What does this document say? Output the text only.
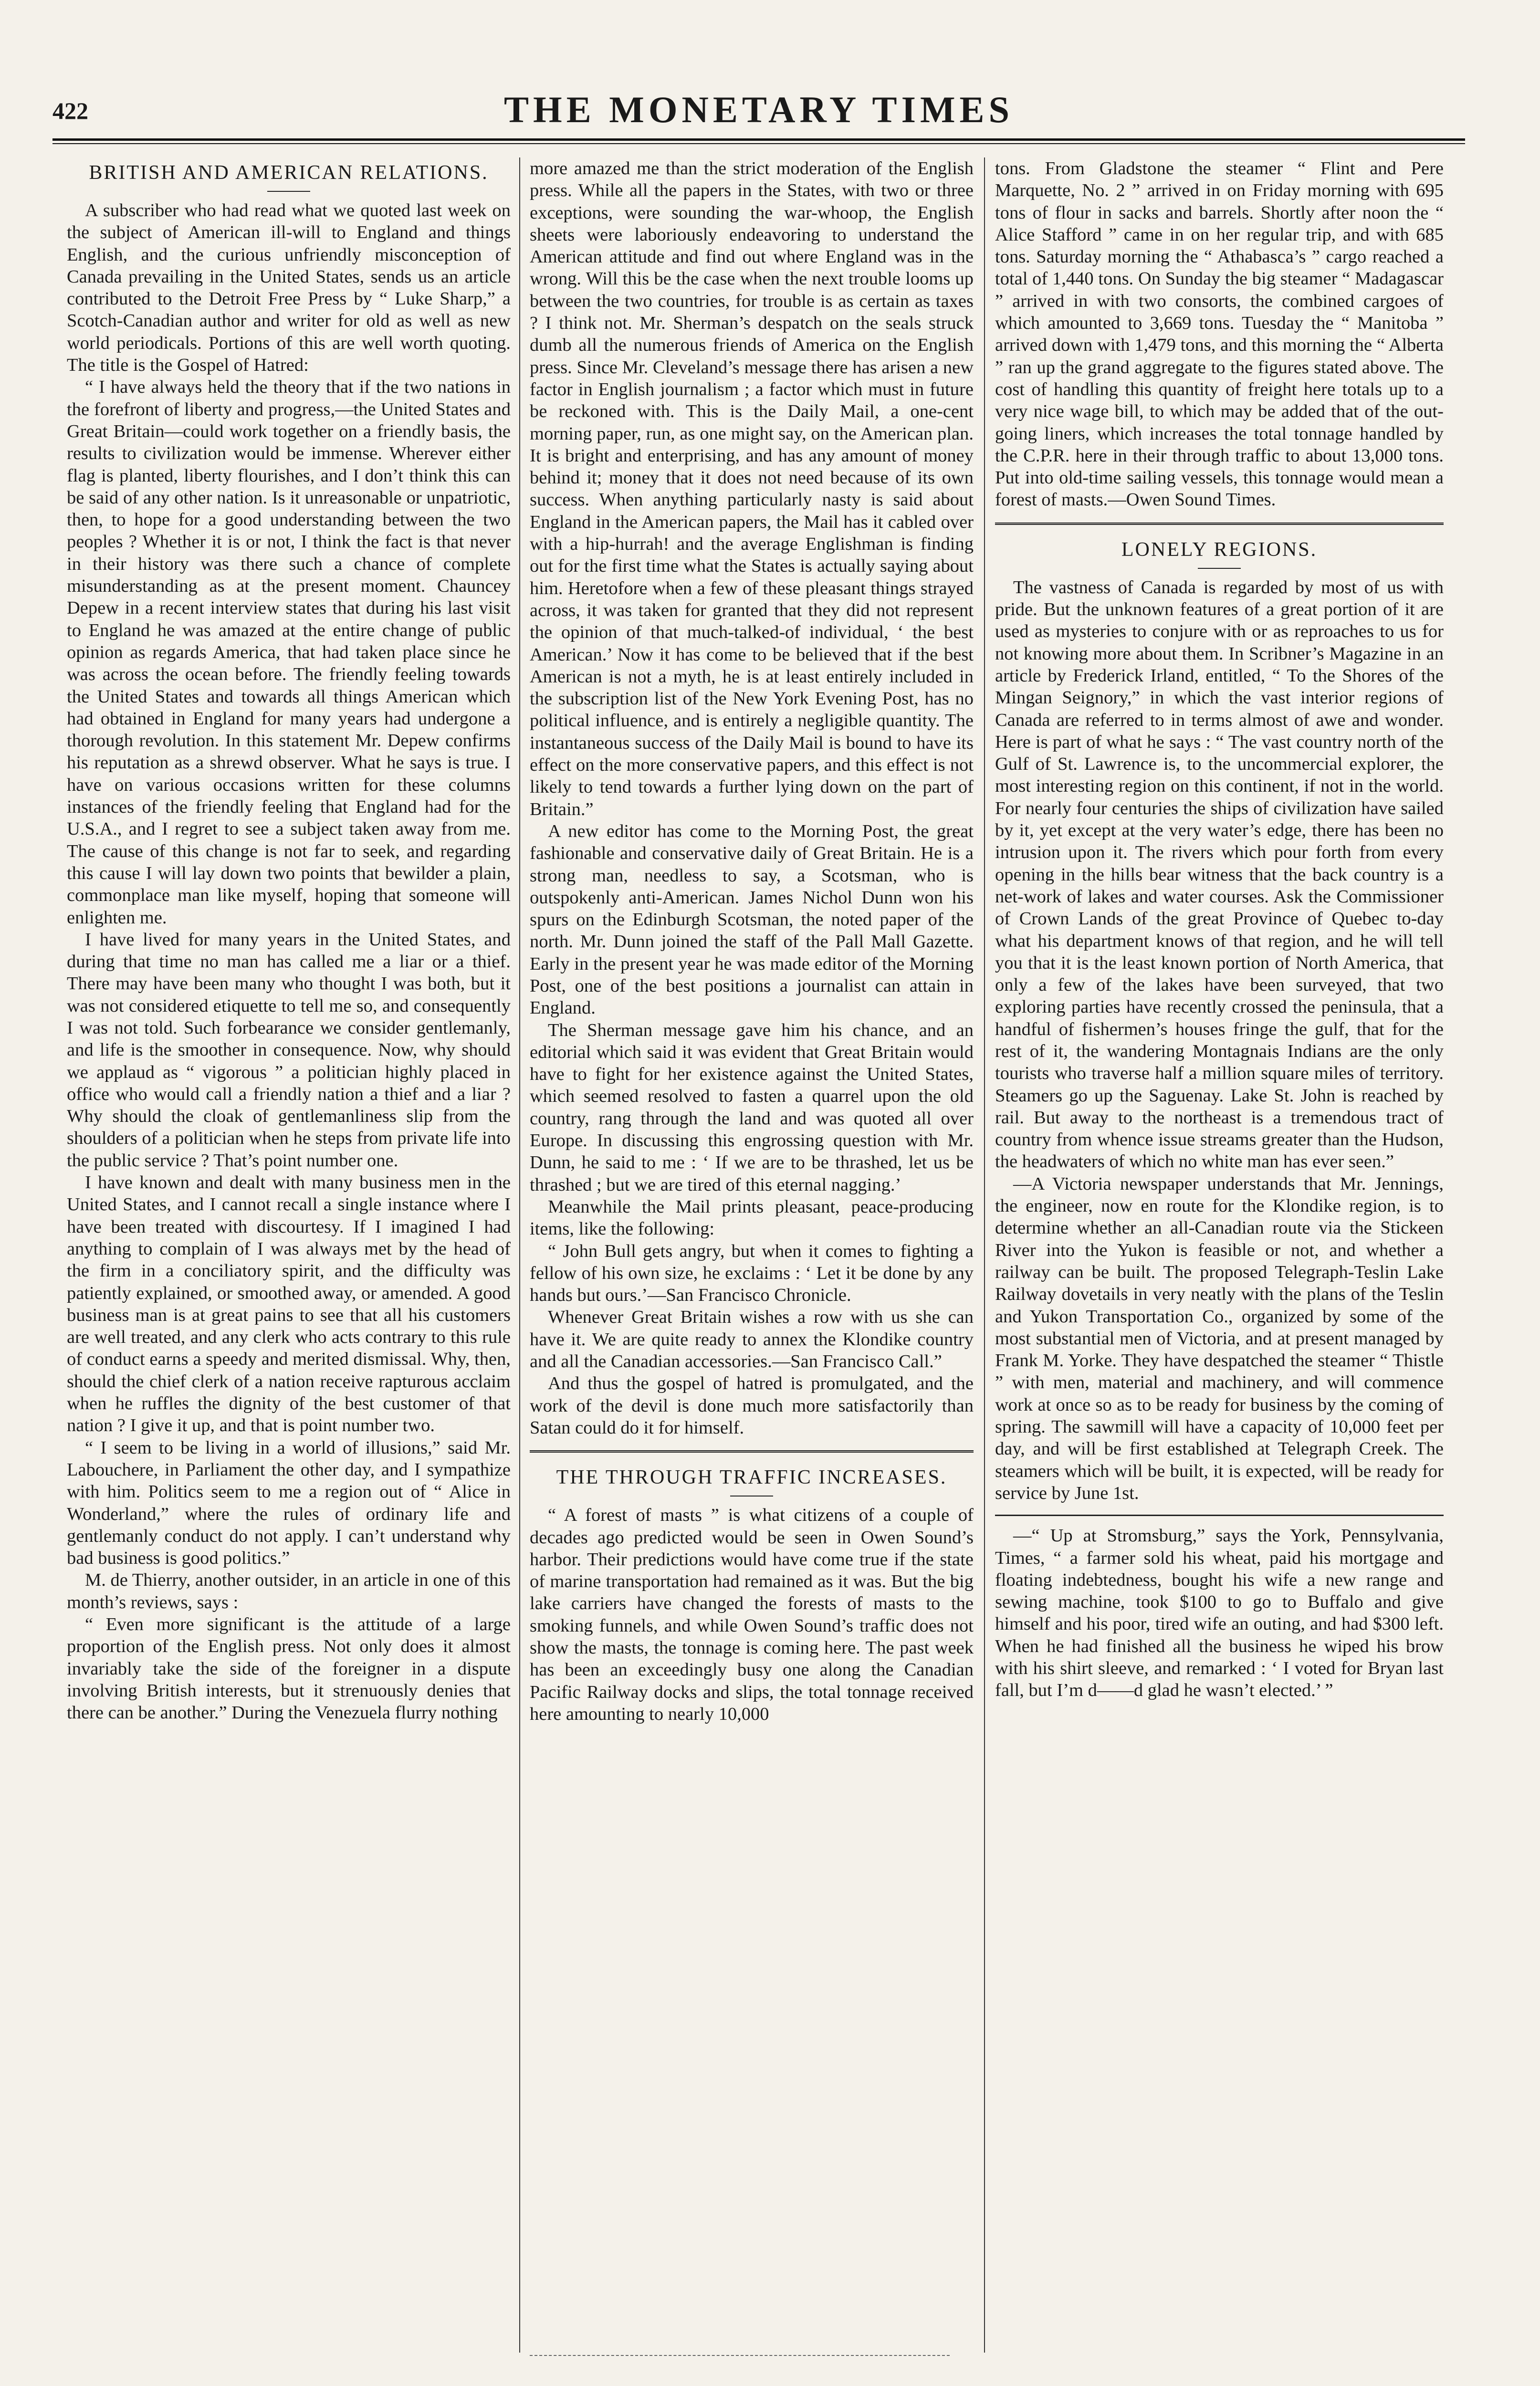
422	THE MONETARY TIMES
BRITISH AND AMERICAN RELATIONS.

A subscriber who had read what we quoted last week on the subject of American ill-will to England and things English, and the curious unfriendly misconception of Canada prevailing in the United States, sends us an article contributed to the Detroit Free Press by “ Luke Sharp,” a Scotch-Canadian author and writer for old as well as new world periodicals. Portions of this are well worth quoting. The title is the Gospel of Hatred:

“ I have always held the theory that if the two nations in the forefront of liberty and progress,—the United States and Great Britain—could work together on a friendly basis, the results to civilization would be immense. Wherever either flag is planted, liberty flourishes, and I don’t think this can be said of any other nation. Is it unreasonable or unpatriotic, then, to hope for a good understanding between the two peoples ? Whether it is or not, I think the fact is that never in their history was there such a chance of complete misunderstanding as at the present moment. Chauncey Depew in a recent interview states that during his last visit to England he was amazed at the entire change of public opinion as regards America, that had taken place since he was across the ocean before. The friendly feeling towards the United States and towards all things American which had obtained in England for many years had undergone a thorough revolution. In this statement Mr. Depew confirms his reputation as a shrewd observer. What he says is true. I have on various occasions written for these columns instances of the friendly feeling that England had for the U.S.A., and I regret to see a subject taken away from me. The cause of this change is not far to seek, and regarding this cause I will lay down two points that bewilder a plain, commonplace man like myself, hoping that someone will enlighten me.

I have lived for many years in the United States, and during that time no man has called me a liar or a thief. There may have been many who thought I was both, but it was not considered etiquette to tell me so, and consequently I was not told. Such forbearance we consider gentlemanly, and life is the smoother in consequence. Now, why should we applaud as “ vigorous ” a politician highly placed in office who would call a friendly nation a thief and a liar ? Why should the cloak of gentlemanliness slip from the shoulders of a politician when he steps from private life into the public service ? That’s point number one.

I have known and dealt with many business men in the United States, and I cannot recall a single instance where I have been treated with discourtesy. If I imagined I had anything to complain of I was always met by the head of the firm in a conciliatory spirit, and the difficulty was patiently explained, or smoothed away, or amended. A good business man is at great pains to see that all his customers are well treated, and any clerk who acts contrary to this rule of conduct earns a speedy and merited dismissal. Why, then, should the chief clerk of a nation receive rapturous acclaim when he ruffles the dignity of the best customer of that nation ? I give it up, and that is point number two.

“ I seem to be living in a world of illusions,” said Mr. Labouchere, in Parliament the other day, and I sympathize with him. Politics seem to me a region out of “ Alice in Wonderland,” where the rules of ordinary life and gentlemanly conduct do not apply. I can’t understand why bad business is good politics.”

M. de Thierry, another outsider, in an article in one of this month’s reviews, says :

“ Even more significant is the attitude of a large proportion of the English press. Not only does it almost invariably take the side of the foreigner in a dispute involving British interests, but it strenuously denies that there can be another.” During the Venezuela flurry nothing

more amazed me than the strict moderation of the English press. While all the papers in the States, with two or three exceptions, were sounding the war-whoop, the English sheets were laboriously endeavoring to understand the American attitude and find out where England was in the wrong. Will this be the case when the next trouble looms up between the two countries, for trouble is as certain as taxes ? I think not. Mr. Sherman’s despatch on the seals struck dumb all the numerous friends of America on the English press. Since Mr. Cleveland’s message there has arisen a new factor in English journalism ; a factor which must in future be reckoned with. This is the Daily Mail, a one-cent morning paper, run, as one might say, on the American plan. It is bright and enterprising, and has any amount of money behind it; money that it does not need because of its own success. When anything particularly nasty is said about England in the American papers, the Mail has it cabled over with a hip-hurrah! and the average Englishman is finding out for the first time what the States is actually saying about him. Heretofore when a few of these pleasant things strayed across, it was taken for granted that they did not represent the opinion of that much-talked-of individual, ‘ the best American.’ Now it has come to be believed that if the best American is not a myth, he is at least entirely included in the subscription list of the New York Evening Post, has no political influence, and is entirely a negligible quantity. The instantaneous success of the Daily Mail is bound to have its effect on the more conservative papers, and this effect is not likely to tend towards a further lying down on the part of Britain.”

A new editor has come to the Morning Post, the great fashionable and conservative daily of Great Britain. He is a strong man, needless to say, a Scotsman, who is outspokenly anti-American. James Nichol Dunn won his spurs on the Edinburgh Scotsman, the noted paper of the north. Mr. Dunn joined the staff of the Pall Mall Gazette. Early in the present year he was made editor of the Morning Post, one of the best positions a journalist can attain in England.

The Sherman message gave him his chance, and an editorial which said it was evident that Great Britain would have to fight for her existence against the United States, which seemed resolved to fasten a quarrel upon the old country, rang through the land and was quoted all over Europe. In discussing this engrossing question with Mr. Dunn, he said to me : ‘ If we are to be thrashed, let us be thrashed ; but we are tired of this eternal nagging.’

Meanwhile the Mail prints pleasant, peace-producing items, like the following:

“ John Bull gets angry, but when it comes to fighting a fellow of his own size, he exclaims : ‘ Let it be done by any hands but ours.’—San Francisco Chronicle.

Whenever Great Britain wishes a row with us she can have it. We are quite ready to annex the Klondike country and all the Canadian accessories.—San Francisco Call.”

And thus the gospel of hatred is promulgated, and the work of the devil is done much more satisfactorily than Satan could do it for himself.

THE THROUGH TRAFFIC INCREASES.

“ A forest of masts ” is what citizens of a couple of decades ago predicted would be seen in Owen Sound’s harbor. Their predictions would have come true if the state of marine transportation had remained as it was. But the big lake carriers have changed the forests of masts to the smoking funnels, and while Owen Sound’s traffic does not show the masts, the tonnage is coming here. The past week has been an exceedingly busy one along the Canadian Pacific Railway docks and slips, the total tonnage received here amounting to nearly 10,000

tons. From Gladstone the steamer “ Flint and Pere Marquette, No. 2 ” arrived in on Friday morning with 695 tons of flour in sacks and barrels. Shortly after noon the “ Alice Stafford ” came in on her regular trip, and with 685 tons. Saturday morning the “ Athabasca’s ” cargo reached a total of 1,440 tons. On Sunday the big steamer “ Madagascar ” arrived in with two consorts, the combined cargoes of which amounted to 3,669 tons. Tuesday the “ Manitoba ” arrived down with 1,479 tons, and this morning the “ Alberta ” ran up the grand aggregate to the figures stated above. The cost of handling this quantity of freight here totals up to a very nice wage bill, to which may be added that of the out-going liners, which increases the total tonnage handled by the C.P.R. here in their through traffic to about 13,000 tons. Put into old-time sailing vessels, this tonnage would mean a forest of masts.—Owen Sound Times.

LONELY REGIONS.

The vastness of Canada is regarded by most of us with pride. But the unknown features of a great portion of it are used as mysteries to conjure with or as reproaches to us for not knowing more about them. In Scribner’s Magazine in an article by Frederick Irland, entitled, “ To the Shores of the Mingan Seignory,” in which the vast interior regions of Canada are referred to in terms almost of awe and wonder. Here is part of what he says : “ The vast country north of the Gulf of St. Lawrence is, to the uncommercial explorer, the most interesting region on this continent, if not in the world. For nearly four centuries the ships of civilization have sailed by it, yet except at the very water’s edge, there has been no intrusion upon it. The rivers which pour forth from every opening in the hills bear witness that the back country is a net-work of lakes and water courses. Ask the Commissioner of Crown Lands of the great Province of Quebec to-day what his department knows of that region, and he will tell you that it is the least known portion of North America, that only a few of the lakes have been surveyed, that two exploring parties have recently crossed the peninsula, that a handful of fishermen’s houses fringe the gulf, that for the rest of it, the wandering Montagnais Indians are the only tourists who traverse half a million square miles of territory. Steamers go up the Saguenay. Lake St. John is reached by rail. But away to the northeast is a tremendous tract of country from whence issue streams greater than the Hudson, the headwaters of which no white man has ever seen.”

—A Victoria newspaper understands that Mr. Jennings, the engineer, now en route for the Klondike region, is to determine whether an all-Canadian route via the Stickeen River into the Yukon is feasible or not, and whether a railway can be built. The proposed Telegraph-Teslin Lake Railway dovetails in very neatly with the plans of the Teslin and Yukon Transportation Co., organized by some of the most substantial men of Victoria, and at present managed by Frank M. Yorke. They have despatched the steamer “ Thistle ” with men, material and machinery, and will commence work at once so as to be ready for business by the coming of spring. The sawmill will have a capacity of 10,000 feet per day, and will be first established at Telegraph Creek. The steamers which will be built, it is expected, will be ready for service by June 1st.

—“ Up at Stromsburg,” says the York, Pennsylvania, Times, “ a farmer sold his wheat, paid his mortgage and floating indebtedness, bought his wife a new range and sewing machine, took $100 to go to Buffalo and give himself and his poor, tired wife an outing, and had $300 left. When he had finished all the business he wiped his brow with his shirt sleeve, and remarked : ‘ I voted for Bryan last fall, but I’m d——d glad he wasn’t elected.’ ”
